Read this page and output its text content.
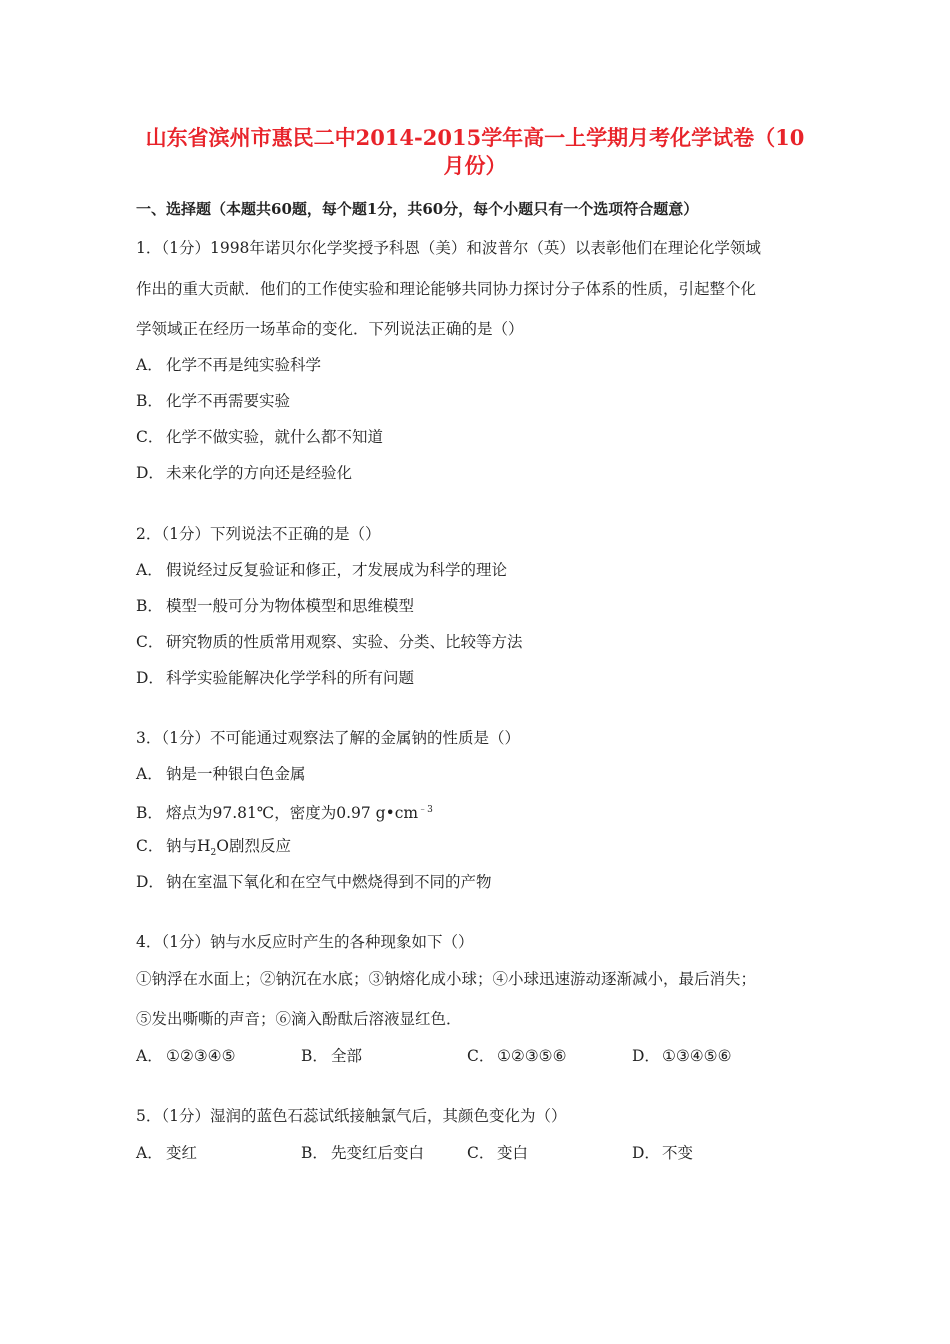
山东省滨州市惠民二中2014-2015学年高一上学期月考化学试卷（10
月份）
一、选择题（本题共60题，每个题1分，共60分，每个小题只有一个选项符合题意）
1．（1分）1998年诺贝尔化学奖授予科恩（美）和波普尔（英）以表彰他们在理论化学领域
作出的重大贡献．他们的工作使实验和理论能够共同协力探讨分子体系的性质，引起整个化
学领域正在经历一场革命的变化．下列说法正确的是（）
A． 化学不再是纯实验科学
B． 化学不再需要实验
C． 化学不做实验，就什么都不知道
D． 未来化学的方向还是经验化
2．（1分）下列说法不正确的是（）
A． 假说经过反复验证和修正，才发展成为科学的理论
B． 模型一般可分为物体模型和思维模型
C． 研究物质的性质常用观察、实验、分类、比较等方法
D． 科学实验能解决化学学科的所有问题
3．（1分）不可能通过观察法了解的金属钠的性质是（）
A． 钠是一种银白色金属
B． 熔点为97.81℃，密度为0.97 $g•cm^{﹣3}$
C． 钠与$H_2O$剧烈反应
D． 钠在室温下氧化和在空气中燃烧得到不同的产物
4．（1分）钠与水反应时产生的各种现象如下（）
①钠浮在水面上；②钠沉在水底；③钠熔化成小球；④小球迅速游动逐渐减小，最后消失；
⑤发出嘶嘶的声音；⑥滴入酚酞后溶液显红色．
A． ①②③④⑤	B． 全部	C． ①②③⑤⑥	D． ①③④⑤⑥
5．（1分）湿润的蓝色石蕊试纸接触氯气后，其颜色变化为（）
A． 变红	B． 先变红后变白	C． 变白	D． 不变
